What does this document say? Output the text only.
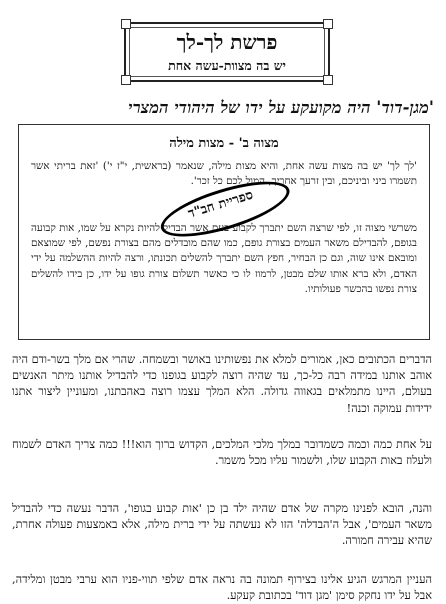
פרשת לך-לך
יש בה מצוות-עשה אחת
'מגן-דוד' היה מקועקע על ידו של היהודי המצרי
מצוה ב' - מצות מילה

'לך לך' יש בה מצות עשה אחת, והיא מצות מילה, שנאמר (בראשית, י"ז י') 'זאת בריתי אשר תשמרו ביני וביניכם, ובין זרעך אחריך, המול לכם כל זכר'.

משרשי מצוה זו, לפי שרצה השם יתברך לקבוע בעם אשר הבדיל להיות נקרא על שמו, אות קבועה בגופם, להבדילם משאר העמים בצורת גופם, כמו שהם מובדלים מהם בצורת נפשם, לפי שמוצאם ומובאם אינו שוה, וגם כן הבחיר, חפץ השם יתברך להשלים תכונתו, ורצה להיות ההשלמה על ידי האדם, ולא ברא אותו שלם מבטן, לרמוז לו כי כאשר תשלום צורת גופו על ידו, כן בידו להשלים צורת נפשו בהכשר פעולותיו.

ספריית חב"ד

הדברים הכתובים כאן, אמורים למלא את נפשותינו באושר ובשמחה. שהרי אם מלך בשר-ודם היה אוהב אותנו במידה רבה כל-כך, עד שהיה רוצה לקבוע בגופנו כדי להבדיל אותנו מיתר האנשים בעולם, היינו מתמלאים בגאווה גדולה. הלא המלך עצמו רוצה באהבתנו, ומעוניין ליצור אתנו ידידות עמוקה וכנה!

על אחת כמה וכמה כשמדובר במלך מלכי המלכים, הקדוש ברוך הוא!!! כמה צריך האדם לשמוח ולעלוז באות הקבוע שלו, ולשמור עליו מכל משמר.

והנה, הובא לפנינו מקרה של אדם שהיה ילד בן כן 'אות קבוע בגופו', הדבר נעשה כדי להבדיל משאר העמים', אבל ה'הבדלה' הזו לא נעשתה על ידי ברית מילה, אלא באמצעות פעולה אחרת, שהיא עבירה חמורה.

העניין המרגש הגיע אלינו בצירוף תמונה בה נראה אדם שלפי תווי-פניו הוא ערבי מבטן ומלידה, אבל על ידו נחקק סימן 'מגן דוד' בכתובת קעקע.
